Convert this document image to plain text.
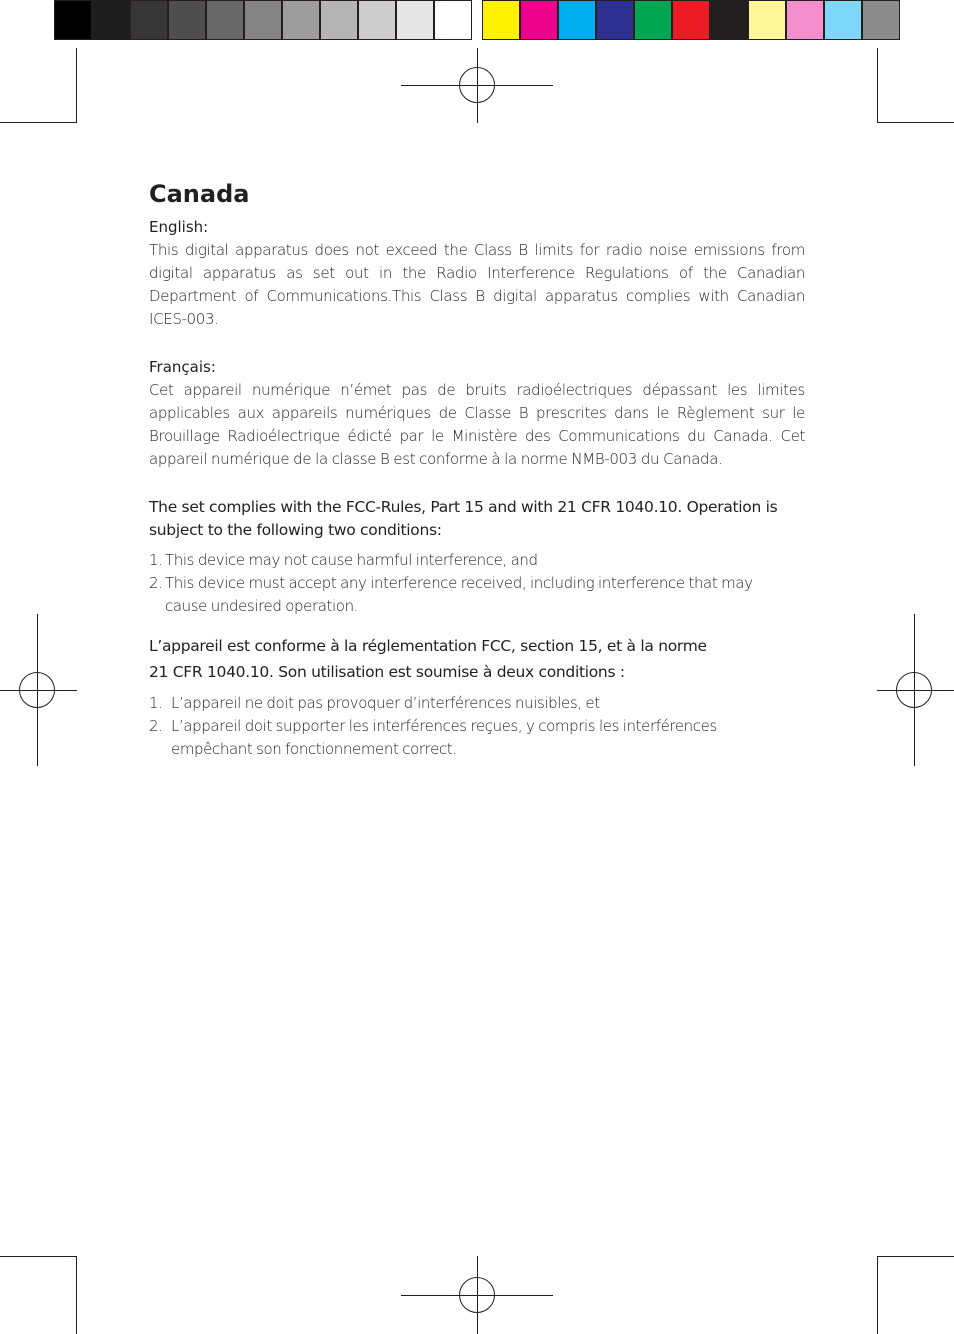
Canada

English:

This digital apparatus does not exceed the Class B limits for radio noise emissions from digital apparatus as set out in the Radio Interference Regulations of the Canadian Department of Communications.This Class B digital apparatus complies with Canadian ICES-003.

Français:

Cet appareil numérique n’émet pas de bruits radioélectriques dépassant les limites applicables aux appareils numériques de Classe B prescrites dans le Règlement sur le Brouillage Radioélectrique édicté par le Ministère des Communications du Canada. Cet appareil numérique de la classe B est conforme à la norme NMB-003 du Canada.

The set complies with the FCC-Rules, Part 15 and with 21 CFR 1040.10. Operation is subject to the following two conditions:

1. This device may not cause harmful interference, and
2. This device must accept any interference received, including interference that may
cause undesired operation.

L’appareil est conforme à la réglementation FCC, section 15, et à la norme

21 CFR 1040.10. Son utilisation est soumise à deux conditions :

1. L’appareil ne doit pas provoquer d’interférences nuisibles, et
2. L’appareil doit supporter les interférences reçues, y compris les interférences
empêchant son fonctionnement correct.
